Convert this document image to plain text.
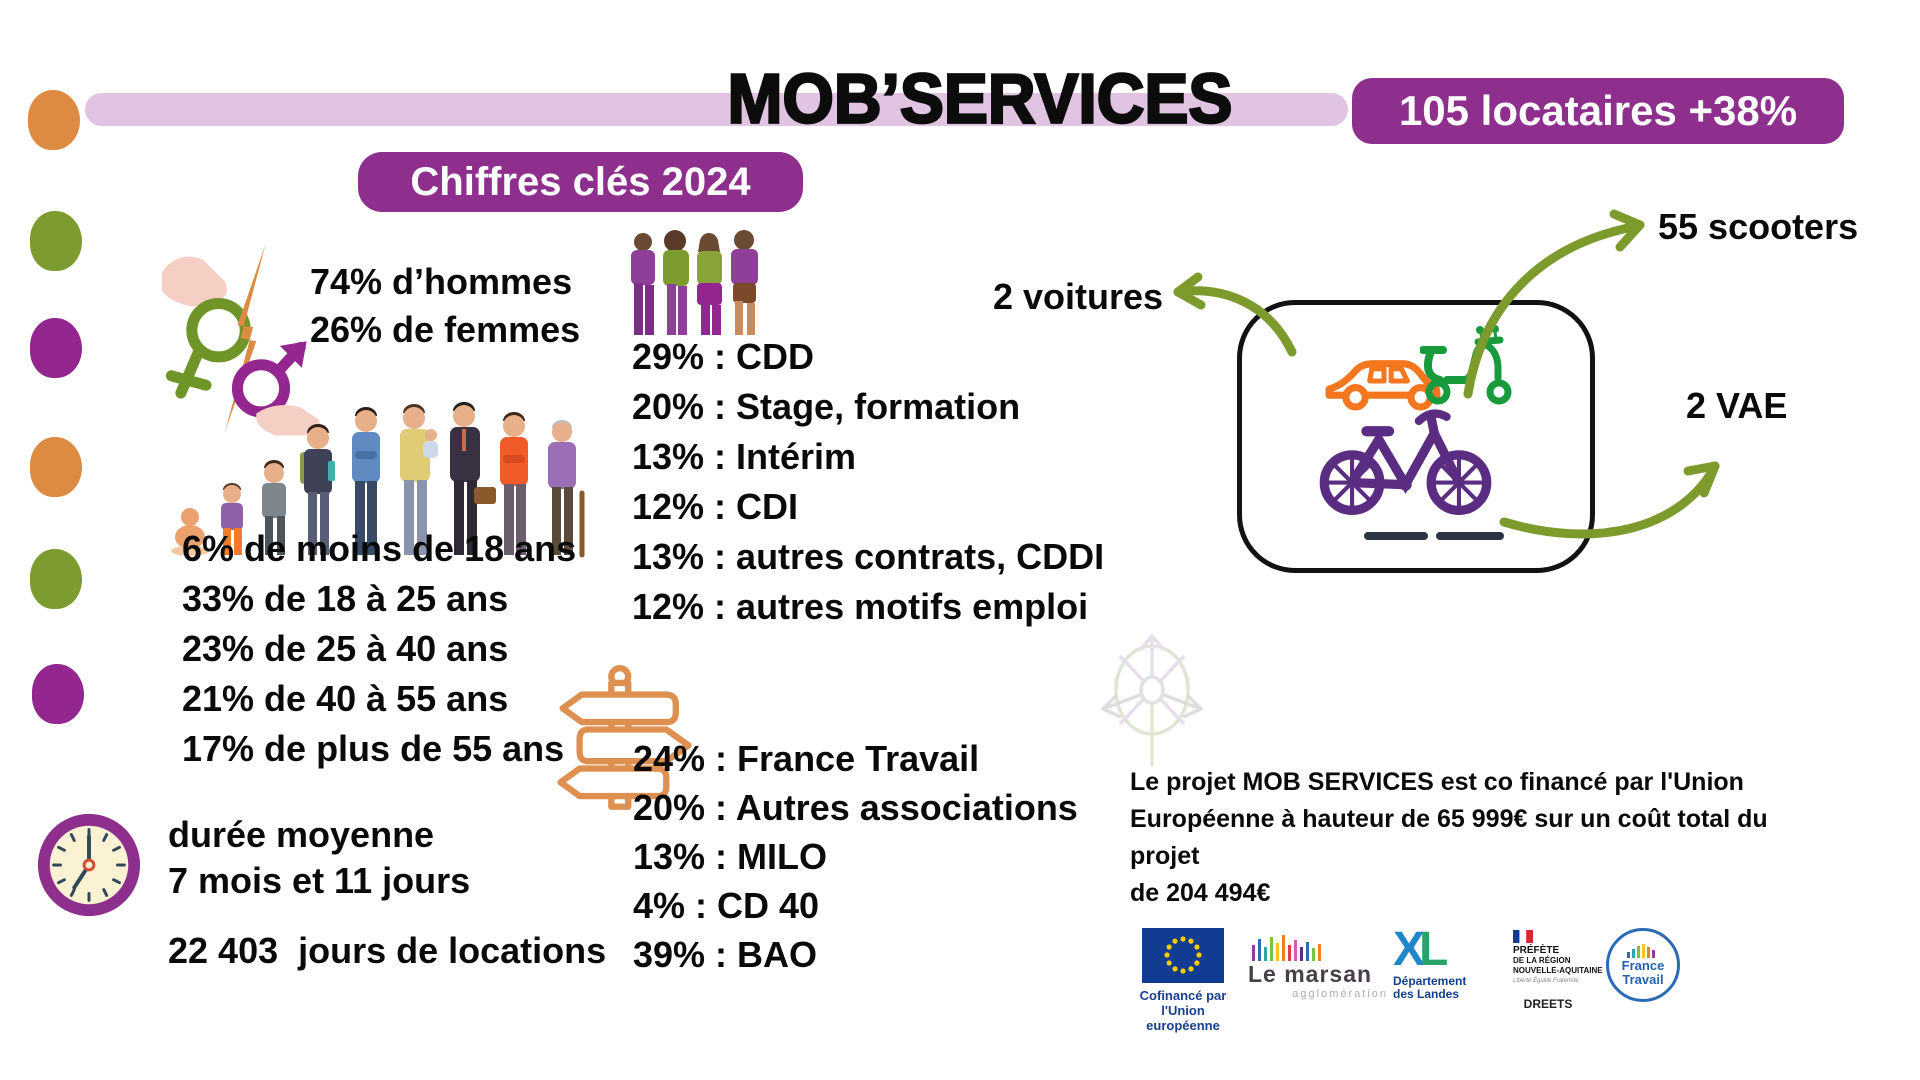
MOB’SERVICES	105 locataires +38%
Chiffres clés 2024
74% d’hommes
26% de femmes
6% de moins de 18 ans
33% de 18 à 25 ans
23% de 25 à 40 ans
21% de 40 à 55 ans
17% de plus de 55 ans
durée moyenne
7 mois et 11 jours
22 403  jours de locations
29% : CDD
20% : Stage, formation
13% : Intérim
12% : CDI
13% : autres contrats, CDDI
12% : autres motifs emploi
24% : France Travail
20% : Autres associations
13% : MILO
4% : CD 40
39% : BAO
2 voitures
55 scooters
2 VAE
Le projet MOB SERVICES est co financé par l'Union
Européenne à hauteur de 65 999€ sur un coût total du projet
de 204 494€
Cofinancé par
l'Union européenne
Le marsan
agglomération
XL
Département
des Landes
PRÉFÈTE
DE LA RÉGION
NOUVELLE-AQUITAINE
Liberté Égalité Fraternité
DREETS
France
Travail
